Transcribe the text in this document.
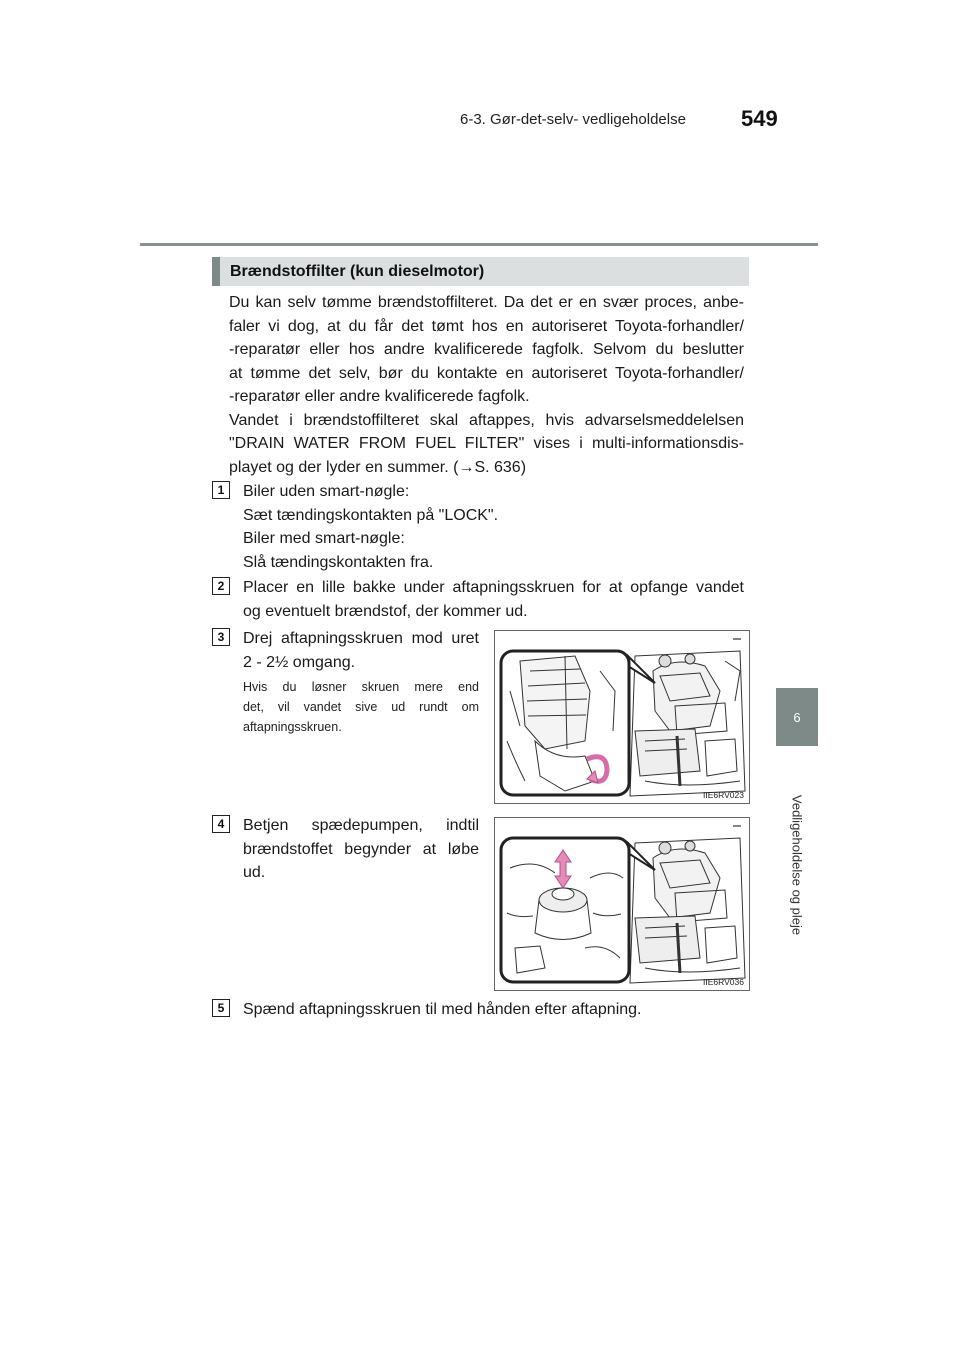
6-3. Gør-det-selv- vedligeholdelse	549
6
Vedligeholdelse og pleje
Brændstoffilter (kun dieselmotor)
Du kan selv tømme brændstoffilteret. Da det er en svær proces, anbe-
faler vi dog, at du får det tømt hos en autoriseret Toyota-forhandler/
-reparatør eller hos andre kvalificerede fagfolk. Selvom du beslutter
at tømme det selv, bør du kontakte en autoriseret Toyota-forhandler/
-reparatør eller andre kvalificerede fagfolk.
Vandet i brændstoffilteret skal aftappes, hvis advarselsmeddelelsen
"DRAIN WATER FROM FUEL FILTER" vises i multi-informationsdis-
playet og der lyder en summer. (→S. 636)
1	Biler uden smart-nøgle:
Sæt tændingskontakten på "LOCK".
Biler med smart-nøgle:
Slå tændingskontakten fra.
2	Placer en lille bakke under aftapningsskruen for at opfange vandet
og eventuelt brændstof, der kommer ud.
3	Drej aftapningsskruen mod uret
2 - 2½ omgang.
Hvis du løsner skruen mere end
det, vil vandet sive ud rundt om
aftapningsskruen.
IIE6RV023
4	Betjen spædepumpen, indtil
brændstoffet begynder at løbe
ud.
IIE6RV036
5	Spænd aftapningsskruen til med hånden efter aftapning.
